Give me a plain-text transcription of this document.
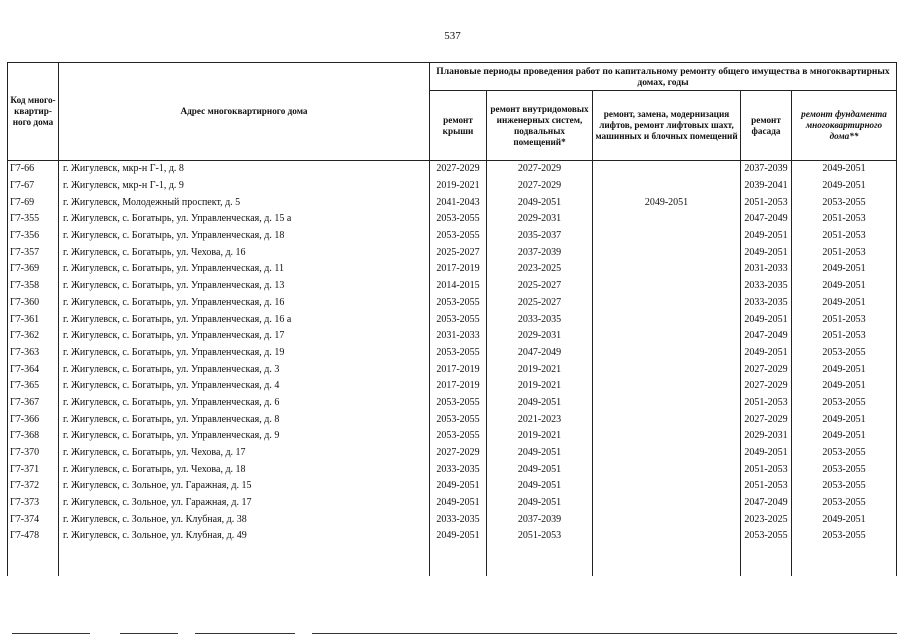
537
Код много-квартир-ного дома	Адрес многоквартирного дома	Плановые периоды проведения работ по капитальному ремонту общего имущества в многоквартирных домах, годы				
		ремонт крыши	ремонт внутридомовых инженерных систем, подвальных помещений*	ремонт, замена, модернизация лифтов, ремонт лифтовых шахт, машинных и блочных помещений	ремонт фасада	ремонт фундамента многоквартирного дома**
Г7-66	г. Жигулевск, мкр-н Г-1, д. 8	2027-2029	2027-2029		2037-2039	2049-2051
Г7-67	г. Жигулевск, мкр-н Г-1, д. 9	2019-2021	2027-2029		2039-2041	2049-2051
Г7-69	г. Жигулевск, Молодежный проспект, д. 5	2041-2043	2049-2051	2049-2051	2051-2053	2053-2055
Г7-355	г. Жигулевск, с. Богатырь, ул. Управленческая, д. 15 а	2053-2055	2029-2031		2047-2049	2051-2053
Г7-356	г. Жигулевск, с. Богатырь, ул. Управленческая, д. 18	2053-2055	2035-2037		2049-2051	2051-2053
Г7-357	г. Жигулевск, с. Богатырь, ул. Чехова, д. 16	2025-2027	2037-2039		2049-2051	2051-2053
Г7-369	г. Жигулевск, с. Богатырь, ул. Управленческая, д. 11	2017-2019	2023-2025		2031-2033	2049-2051
Г7-358	г. Жигулевск, с. Богатырь, ул. Управленческая, д. 13	2014-2015	2025-2027		2033-2035	2049-2051
Г7-360	г. Жигулевск, с. Богатырь, ул. Управленческая, д. 16	2053-2055	2025-2027		2033-2035	2049-2051
Г7-361	г. Жигулевск, с. Богатырь, ул. Управленческая, д. 16 а	2053-2055	2033-2035		2049-2051	2051-2053
Г7-362	г. Жигулевск, с. Богатырь, ул. Управленческая, д. 17	2031-2033	2029-2031		2047-2049	2051-2053
Г7-363	г. Жигулевск, с. Богатырь, ул. Управленческая, д. 19	2053-2055	2047-2049		2049-2051	2053-2055
Г7-364	г. Жигулевск, с. Богатырь, ул. Управленческая, д. 3	2017-2019	2019-2021		2027-2029	2049-2051
Г7-365	г. Жигулевск, с. Богатырь, ул. Управленческая, д. 4	2017-2019	2019-2021		2027-2029	2049-2051
Г7-367	г. Жигулевск, с. Богатырь, ул. Управленческая, д. 6	2053-2055	2049-2051		2051-2053	2053-2055
Г7-366	г. Жигулевск, с. Богатырь, ул. Управленческая, д. 8	2053-2055	2021-2023		2027-2029	2049-2051
Г7-368	г. Жигулевск, с. Богатырь, ул. Управленческая, д. 9	2053-2055	2019-2021		2029-2031	2049-2051
Г7-370	г. Жигулевск, с. Богатырь, ул. Чехова, д. 17	2027-2029	2049-2051		2049-2051	2053-2055
Г7-371	г. Жигулевск, с. Богатырь, ул. Чехова, д. 18	2033-2035	2049-2051		2051-2053	2053-2055
Г7-372	г. Жигулевск, с. Зольное, ул. Гаражная, д. 15	2049-2051	2049-2051		2051-2053	2053-2055
Г7-373	г. Жигулевск, с. Зольное, ул. Гаражная, д. 17	2049-2051	2049-2051		2047-2049	2053-2055
Г7-374	г. Жигулевск, с. Зольное, ул. Клубная, д. 38	2033-2035	2037-2039		2023-2025	2049-2051
Г7-478	г. Жигулевск, с. Зольное, ул. Клубная, д. 49	2049-2051	2051-2053		2053-2055	2053-2055
